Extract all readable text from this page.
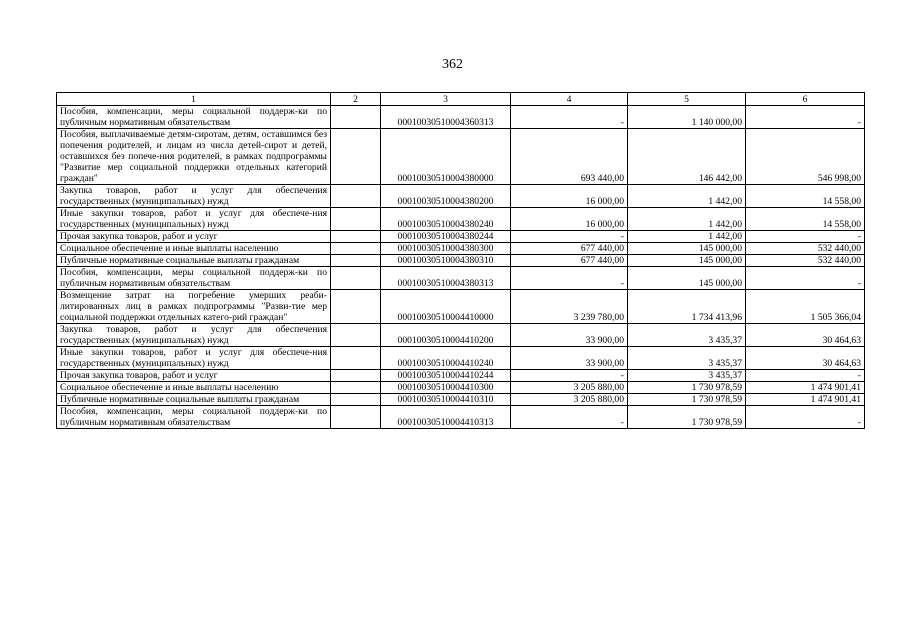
362
1	2	3	4	5	6
Пособия, компенсации, меры социальной поддерж-ки по публичным нормативным обязательствам		00010030510004360313	-	1 140 000,00	-
Пособия, выплачиваемые детям-сиротам, детям, оставшимся без попечения родителей, и лицам из числа детей-сирот и детей, оставшихся без попече-ния родителей, в рамках подпрограммы "Развитие мер социальной поддержки отдельных категорий граждан"		00010030510004380000	693 440,00	146 442,00	546 998,00
Закупка товаров, работ и услуг для обеспечения государственных (муниципальных) нужд		00010030510004380200	16 000,00	1 442,00	14 558,00
Иные закупки товаров, работ и услуг для обеспече-ния государственных (муниципальных) нужд		00010030510004380240	16 000,00	1 442,00	14 558,00
Прочая закупка товаров, работ и услуг		00010030510004380244	-	1 442,00	-
Социальное обеспечение и иные выплаты населению		00010030510004380300	677 440,00	145 000,00	532 440,00
Публичные нормативные социальные выплаты гражданам		00010030510004380310	677 440,00	145 000,00	532 440,00
Пособия, компенсации, меры социальной поддерж-ки по публичным нормативным обязательствам		00010030510004380313	-	145 000,00	-
Возмещение затрат на погребение умерших реаби-литированных лиц в рамках подпрограммы "Разви-тие мер социальной поддержки отдельных катего-рий граждан"		00010030510004410000	3 239 780,00	1 734 413,96	1 505 366,04
Закупка товаров, работ и услуг для обеспечения государственных (муниципальных) нужд		00010030510004410200	33 900,00	3 435,37	30 464,63
Иные закупки товаров, работ и услуг для обеспече-ния государственных (муниципальных) нужд		00010030510004410240	33 900,00	3 435,37	30 464,63
Прочая закупка товаров, работ и услуг		00010030510004410244	-	3 435,37	-
Социальное обеспечение и иные выплаты населению		00010030510004410300	3 205 880,00	1 730 978,59	1 474 901,41
Публичные нормативные социальные выплаты гражданам		00010030510004410310	3 205 880,00	1 730 978,59	1 474 901,41
Пособия, компенсации, меры социальной поддерж-ки по публичным нормативным обязательствам		00010030510004410313	-	1 730 978,59	-
